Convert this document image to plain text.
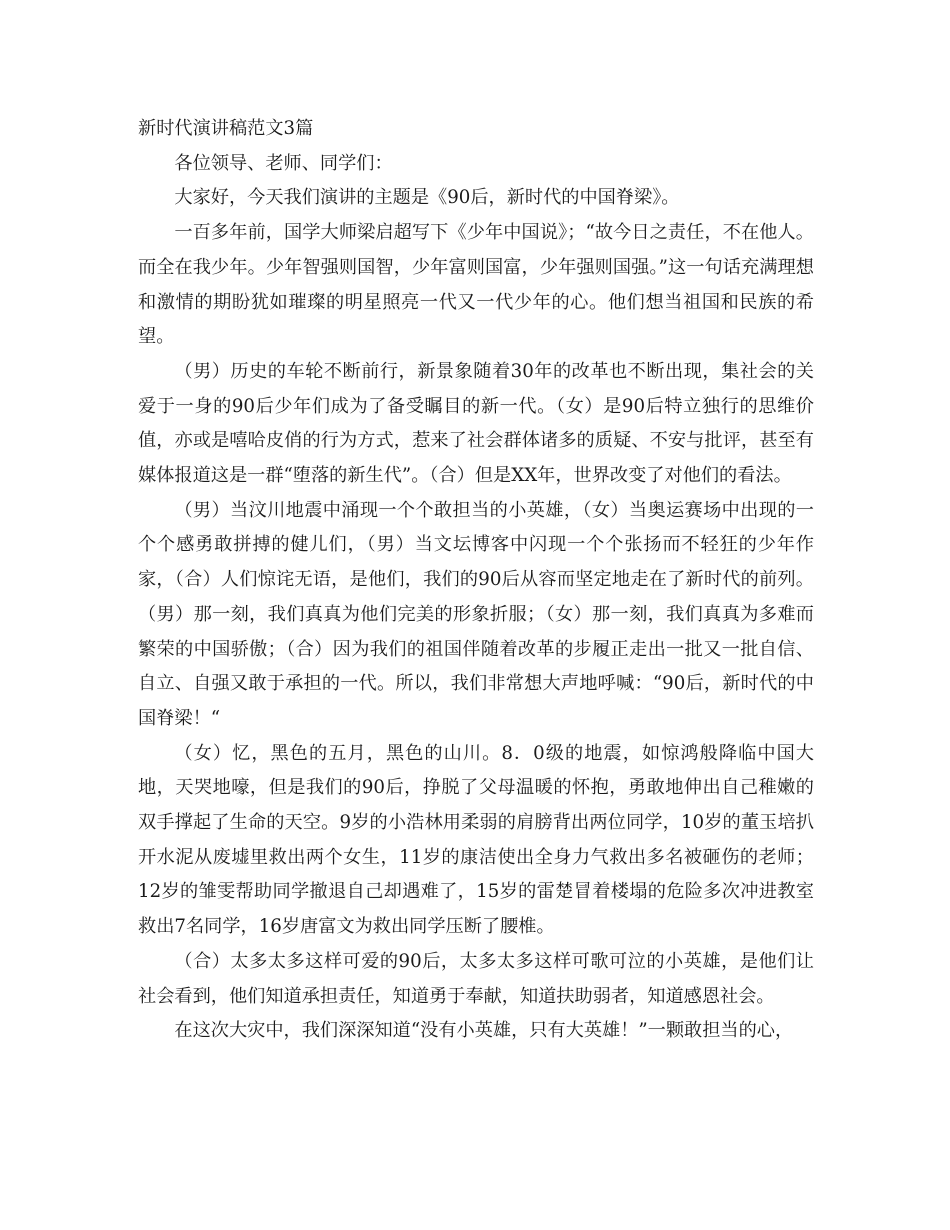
新时代演讲稿范文3篇

各位领导、老师、同学们：

大家好，今天我们演讲的主题是《90后，新时代的中国脊梁》。

一百多年前，国学大师梁启超写下《少年中国说》；“故今日之责任，不在他人。而全在我少年。少年智强则国智，少年富则国富，少年强则国强。”这一句话充满理想和激情的期盼犹如璀璨的明星照亮一代又一代少年的心。他们想当祖国和民族的希望。

（男）历史的车轮不断前行，新景象随着30年的改革也不断出现，集社会的关爱于一身的90后少年们成为了备受瞩目的新一代。（女）是90后特立独行的思维价值，亦或是嘻哈皮俏的行为方式，惹来了社会群体诸多的质疑、不安与批评，甚至有媒体报道这是一群“堕落的新生代”。（合）但是XX年，世界改变了对他们的看法。

（男）当汶川地震中涌现一个个敢担当的小英雄，（女）当奥运赛场中出现的一个个感勇敢拼搏的健儿们，（男）当文坛博客中闪现一个个张扬而不轻狂的少年作家，（合）人们惊诧无语，是他们，我们的90后从容而坚定地走在了新时代的前列。（男）那一刻，我们真真为他们完美的形象折服；（女）那一刻，我们真真为多难而繁荣的中国骄傲；（合）因为我们的祖国伴随着改革的步履正走出一批又一批自信、自立、自强又敢于承担的一代。所以，我们非常想大声地呼喊：“90后，新时代的中国脊梁！“

（女）忆，黑色的五月，黑色的山川。8．0级的地震，如惊鸿般降临中国大地，天哭地嚎，但是我们的90后，挣脱了父母温暖的怀抱，勇敢地伸出自己稚嫩的双手撑起了生命的天空。9岁的小浩林用柔弱的肩膀背出两位同学，10岁的董玉培扒开水泥从废墟里救出两个女生，11岁的康洁使出全身力气救出多名被砸伤的老师；12岁的雏雯帮助同学撤退自己却遇难了，15岁的雷楚冒着楼塌的危险多次冲进教室救出7名同学，16岁唐富文为救出同学压断了腰椎。

（合）太多太多这样可爱的90后，太多太多这样可歌可泣的小英雄，是他们让社会看到，他们知道承担责任，知道勇于奉献，知道扶助弱者，知道感恩社会。

在这次大灾中，我们深深知道“没有小英雄，只有大英雄！”一颗敢担当的心，
